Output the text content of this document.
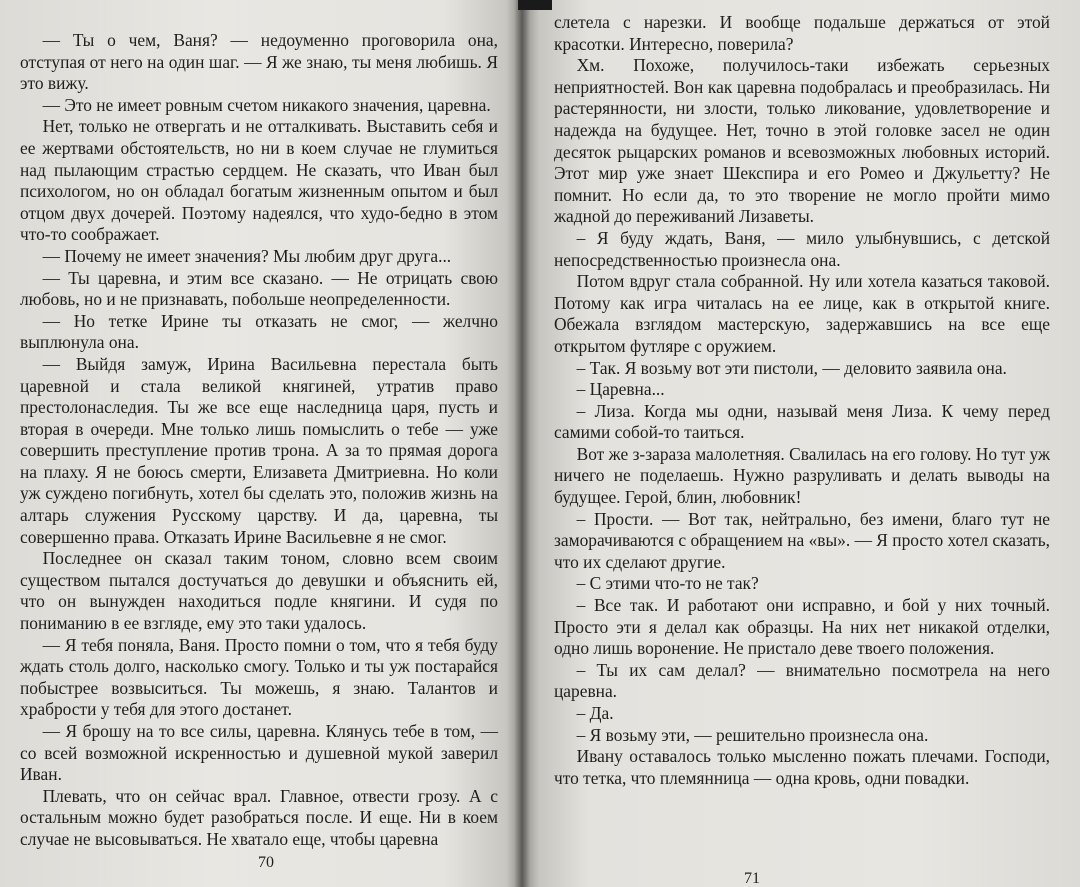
— Ты о чем, Ваня? — недоуменно проговорила она, отступая от него на один шаг. — Я же знаю, ты меня любишь. Я это вижу.

— Это не имеет ровным счетом никакого значения, царевна.

Нет, только не отвергать и не отталкивать. Выставить себя и ее жертвами обстоятельств, но ни в коем случае не глумиться над пылающим страстью сердцем. Не сказать, что Иван был психологом, но он обладал богатым жизненным опытом и был отцом двух дочерей. Поэтому надеялся, что худо-бедно в этом что-то соображает.

— Почему не имеет значения? Мы любим друг друга...

— Ты царевна, и этим все сказано. — Не отрицать свою любовь, но и не признавать, побольше неопределенности.

— Но тетке Ирине ты отказать не смог, — желчно выплюнула она.

— Выйдя замуж, Ирина Васильевна перестала быть царевной и стала великой княгиней, утратив право престолонаследия. Ты же все еще наследница царя, пусть и вторая в очереди. Мне только лишь помыслить о тебе — уже совершить преступление против трона. А за то прямая дорога на плаху. Я не боюсь смерти, Елизавета Дмитриевна. Но коли уж суждено погибнуть, хотел бы сделать это, положив жизнь на алтарь служения Русскому царству. И да, царевна, ты совершенно права. Отказать Ирине Васильевне я не смог.

Последнее он сказал таким тоном, словно всем своим существом пытался достучаться до девушки и объяснить ей, что он вынужден находиться подле княгини. И судя по пониманию в ее взгляде, ему это таки удалось.

— Я тебя поняла, Ваня. Просто помни о том, что я тебя буду ждать столь долго, насколько смогу. Только и ты уж постарайся побыстрее возвыситься. Ты можешь, я знаю. Талантов и храбрости у тебя для этого достанет.

— Я брошу на то все силы, царевна. Клянусь тебе в том, — со всей возможной искренностью и душевной мукой заверил Иван.

Плевать, что он сейчас врал. Главное, отвести грозу. А с остальным можно будет разобраться после. И еще. Ни в коем случае не высовываться. Не хватало еще, чтобы царевна

70

слетела с нарезки. И вообще подальше держаться от этой красотки. Интересно, поверила?

Хм. Похоже, получилось-таки избежать серьезных неприятностей. Вон как царевна подобралась и преобразилась. Ни растерянности, ни злости, только ликование, удовлетворение и надежда на будущее. Нет, точно в этой головке засел не один десяток рыцарских романов и всевозможных любовных историй. Этот мир уже знает Шекспира и его Ромео и Джульетту? Не помнит. Но если да, то это творение не могло пройти мимо жадной до переживаний Лизаветы.

– Я буду ждать, Ваня, — мило улыбнувшись, с детской непосредственностью произнесла она.

Потом вдруг стала собранной. Ну или хотела казаться таковой. Потому как игра читалась на ее лице, как в открытой книге. Обежала взглядом мастерскую, задержавшись на все еще открытом футляре с оружием.

– Так. Я возьму вот эти пистоли, — деловито заявила она.

– Царевна...

– Лиза. Когда мы одни, называй меня Лиза. К чему перед самими собой-то таиться.

Вот же з-зараза малолетняя. Свалилась на его голову. Но тут уж ничего не поделаешь. Нужно разруливать и делать выводы на будущее. Герой, блин, любовник!

– Прости. — Вот так, нейтрально, без имени, благо тут не заморачиваются с обращением на «вы». — Я просто хотел сказать, что их сделают другие.

– С этими что-то не так?

– Все так. И работают они исправно, и бой у них точный. Просто эти я делал как образцы. На них нет никакой отделки, одно лишь воронение. Не пристало деве твоего положения.

– Ты их сам делал? — внимательно посмотрела на него царевна.

– Да.

– Я возьму эти, — решительно произнесла она.

Ивану оставалось только мысленно пожать плечами. Господи, что тетка, что племянница — одна кровь, одни повадки.

71
